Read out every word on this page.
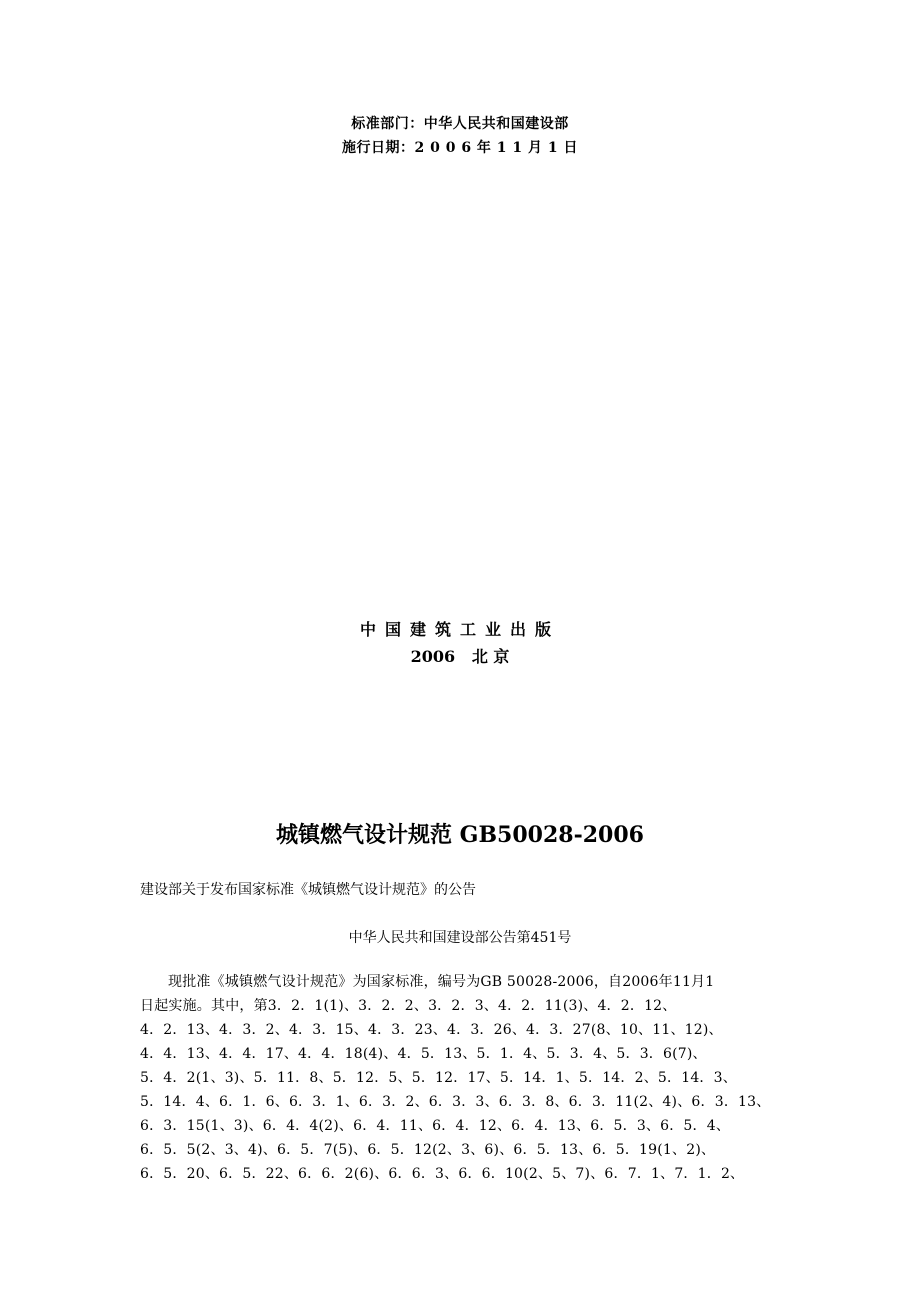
标准部门：中华人民共和国建设部
施行日期：2 0 0 6 年 1 1 月 1 日
中国建筑工业出版
2006   北 京
城镇燃气设计规范 GB50028-2006
建设部关于发布国家标准《城镇燃气设计规范》的公告
中华人民共和国建设部公告第451号
现批准《城镇燃气设计规范》为国家标准，编号为GB 50028-2006，自2006年11月1
日起实施。其中，第3．2．1(1)、3．2．2、3．2．3、4．2．11(3)、4．2．12、
4．2．13、4．3．2、4．3．15、4．3．23、4．3．26、4．3．27(8、10、11、12)、
4．4．13、4．4．17、4．4．18(4)、4．5．13、5．1．4、5．3．4、5．3．6(7)、
5．4．2(1、3)、5．11．8、5．12．5、5．12．17、5．14．1、5．14．2、5．14．3、
5．14．4、6．1．6、6．3．1、6．3．2、6．3．3、6．3．8、6．3．11(2、4)、6．3．13、
6．3．15(1、3)、6．4．4(2)、6．4．11、6．4．12、6．4．13、6．5．3、6．5．4、
6．5．5(2、3、4)、6．5．7(5)、6．5．12(2、3、6)、6．5．13、6．5．19(1、2)、
6．5．20、6．5．22、6．6．2(6)、6．6．3、6．6．10(2、5、7)、6．7．1、7．1．2、
